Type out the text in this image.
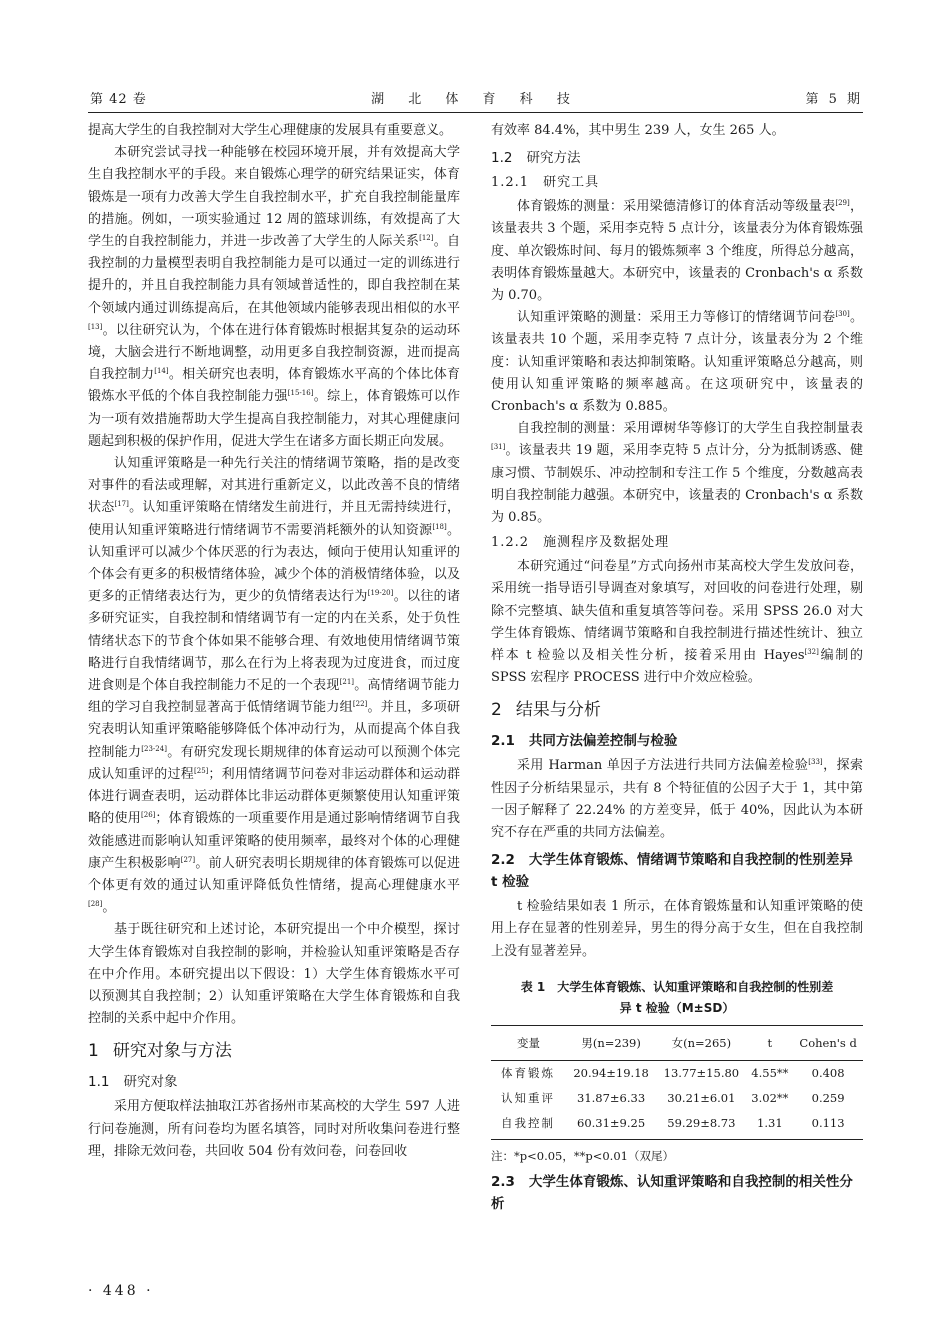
第 42 卷	湖 北 体 育 科 技	第 5 期

提高大学生的自我控制对大学生心理健康的发展具有重要意义。

本研究尝试寻找一种能够在校园环境开展，并有效提高大学生自我控制水平的手段。来自锻炼心理学的研究结果证实，体育锻炼是一项有力改善大学生自我控制水平，扩充自我控制能量库的措施。例如，一项实验通过 12 周的篮球训练，有效提高了大学生的自我控制能力，并进一步改善了大学生的人际关系[12]。自我控制的力量模型表明自我控制能力是可以通过一定的训练进行提升的，并且自我控制能力具有领域普适性的，即自我控制在某个领域内通过训练提高后，在其他领域内能够表现出相似的水平[13]。以往研究认为，个体在进行体育锻炼时根据其复杂的运动环境，大脑会进行不断地调整，动用更多自我控制资源，进而提高自我控制力[14]。相关研究也表明，体育锻炼水平高的个体比体育锻炼水平低的个体自我控制能力强[15-16]。综上，体育锻炼可以作为一项有效措施帮助大学生提高自我控制能力，对其心理健康问题起到积极的保护作用，促进大学生在诸多方面长期正向发展。

认知重评策略是一种先行关注的情绪调节策略，指的是改变对事件的看法或理解，对其进行重新定义，以此改善不良的情绪状态[17]。认知重评策略在情绪发生前进行，并且无需持续进行，使用认知重评策略进行情绪调节不需要消耗额外的认知资源[18]。认知重评可以减少个体厌恶的行为表达，倾向于使用认知重评的个体会有更多的积极情绪体验，减少个体的消极情绪体验，以及更多的正情绪表达行为，更少的负情绪表达行为[19-20]。以往的诸多研究证实，自我控制和情绪调节有一定的内在关系，处于负性情绪状态下的节食个体如果不能够合理、有效地使用情绪调节策略进行自我情绪调节，那么在行为上将表现为过度进食，而过度进食则是个体自我控制能力不足的一个表现[21]。高情绪调节能力组的学习自我控制显著高于低情绪调节能力组[22]。并且，多项研究表明认知重评策略能够降低个体冲动行为，从而提高个体自我控制能力[23-24]。有研究发现长期规律的体育运动可以预测个体完成认知重评的过程[25]；利用情绪调节问卷对非运动群体和运动群体进行调查表明，运动群体比非运动群体更频繁使用认知重评策略的使用[26]；体育锻炼的一项重要作用是通过影响情绪调节自我效能感进而影响认知重评策略的使用频率，最终对个体的心理健康产生积极影响[27]。前人研究表明长期规律的体育锻炼可以促进个体更有效的通过认知重评降低负性情绪，提高心理健康水平[28]。

基于既往研究和上述讨论，本研究提出一个中介模型，探讨大学生体育锻炼对自我控制的影响，并检验认知重评策略是否存在中介作用。本研究提出以下假设：1）大学生体育锻炼水平可以预测其自我控制；2）认知重评策略在大学生体育锻炼和自我控制的关系中起中介作用。

1 研究对象与方法
1.1 研究对象

采用方便取样法抽取江苏省扬州市某高校的大学生 597 人进行问卷施测，所有问卷均为匿名填答，同时对所收集问卷进行整理，排除无效问卷，共回收 504 份有效问卷，问卷回收

有效率 84.4%，其中男生 239 人，女生 265 人。

1.2 研究方法
1.2.1 研究工具

体育锻炼的测量：采用梁德清修订的体育活动等级量表[29]，该量表共 3 个题，采用李克特 5 点计分，该量表分为体育锻炼强度、单次锻炼时间、每月的锻炼频率 3 个维度，所得总分越高，表明体育锻炼量越大。本研究中，该量表的 Cronbach's α 系数为 0.70。

认知重评策略的测量：采用王力等修订的情绪调节问卷[30]。该量表共 10 个题，采用李克特 7 点计分，该量表分为 2 个维度：认知重评策略和表达抑制策略。认知重评策略总分越高，则使用认知重评策略的频率越高。在这项研究中，该量表的 Cronbach's α 系数为 0.885。

自我控制的测量：采用谭树华等修订的大学生自我控制量表[31]。该量表共 19 题，采用李克特 5 点计分，分为抵制诱惑、健康习惯、节制娱乐、冲动控制和专注工作 5 个维度，分数越高表明自我控制能力越强。本研究中，该量表的 Cronbach's α 系数为 0.85。

1.2.2 施测程序及数据处理

本研究通过“问卷星”方式向扬州市某高校大学生发放问卷，采用统一指导语引导调查对象填写，对回收的问卷进行处理，剔除不完整填、缺失值和重复填答等问卷。采用 SPSS 26.0 对大学生体育锻炼、情绪调节策略和自我控制进行描述性统计、独立样本 t 检验以及相关性分析，接着采用由 Hayes[32]编制的 SPSS 宏程序 PROCESS 进行中介效应检验。

2 结果与分析
2.1 共同方法偏差控制与检验

采用 Harman 单因子方法进行共同方法偏差检验[33]，探索性因子分析结果显示，共有 8 个特征值的公因子大于 1，其中第一因子解释了 22.24% 的方差变异，低于 40%，因此认为本研究不存在严重的共同方法偏差。

2.2 大学生体育锻炼、情绪调节策略和自我控制的性别差异 t 检验

t 检验结果如表 1 所示，在体育锻炼量和认知重评策略的使用上存在显著的性别差异，男生的得分高于女生，但在自我控制上没有显著差异。

表 1　大学生体育锻炼、认知重评策略和自我控制的性别差
异 t 检验（M±SD）
变量	男(n=239)	女(n=265)	t	Cohen's d
体育锻炼	20.94±19.18	13.77±15.80	4.55**	0.408
认知重评	31.87±6.33	30.21±6.01	3.02**	0.259
自我控制	60.31±9.25	59.29±8.73	1.31	0.113
注：*p<0.05，**p<0.01（双尾）
2.3 大学生体育锻炼、认知重评策略和自我控制的相关性分析
· 448 ·
